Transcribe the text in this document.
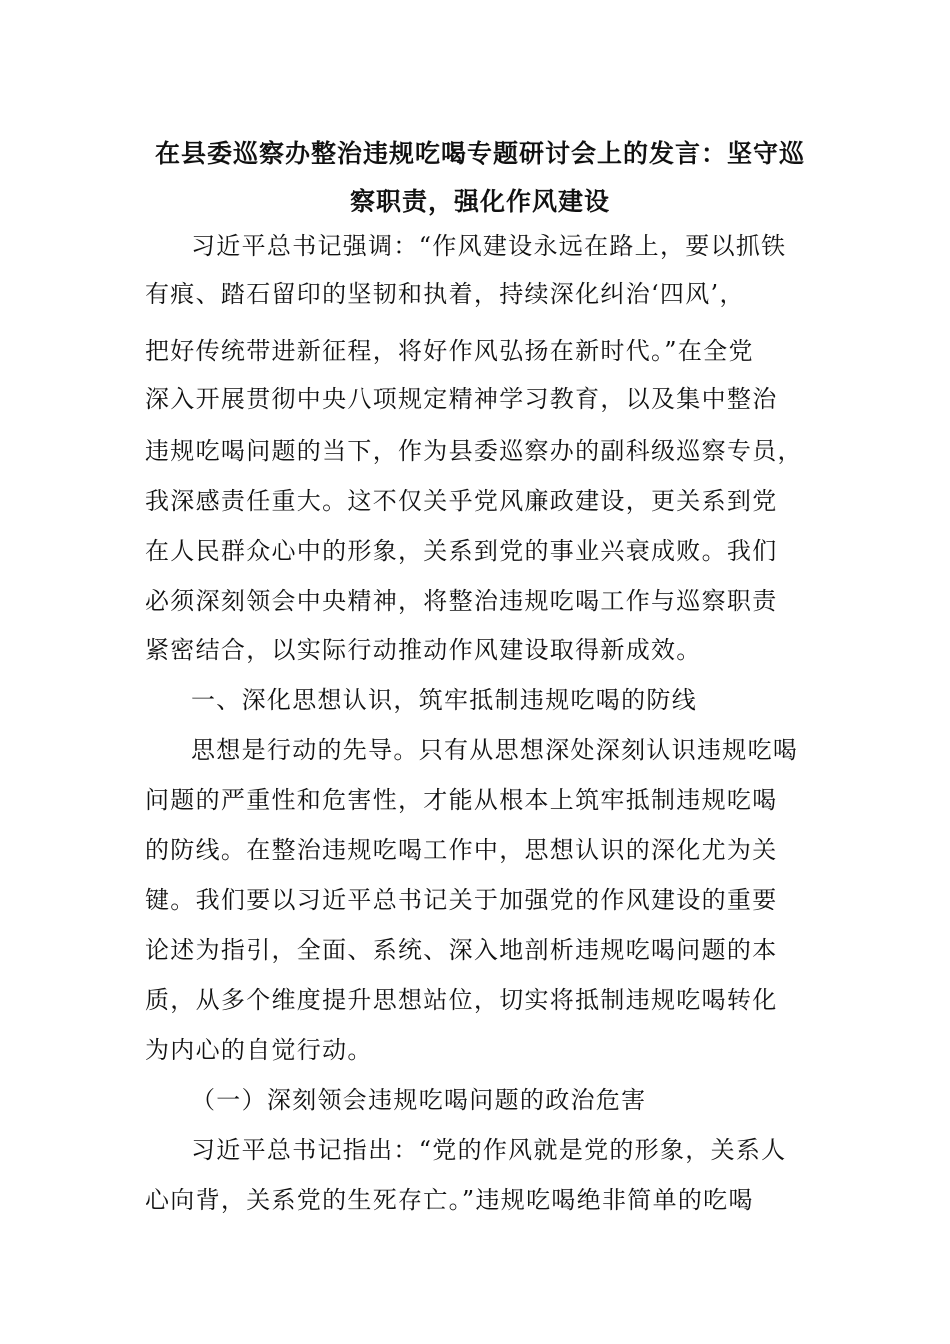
在县委巡察办整治违规吃喝专题研讨会上的发言：坚守巡
察职责，强化作风建设
习近平总书记强调：“作风建设永远在路上，要以抓铁
有痕、踏石留印的坚韧和执着，持续深化纠治‘四风’，
把好传统带进新征程，将好作风弘扬在新时代。”在全党
深入开展贯彻中央八项规定精神学习教育，以及集中整治
违规吃喝问题的当下，作为县委巡察办的副科级巡察专员，
我深感责任重大。这不仅关乎党风廉政建设，更关系到党
在人民群众心中的形象，关系到党的事业兴衰成败。我们
必须深刻领会中央精神，将整治违规吃喝工作与巡察职责
紧密结合，以实际行动推动作风建设取得新成效。
一、深化思想认识，筑牢抵制违规吃喝的防线
思想是行动的先导。只有从思想深处深刻认识违规吃喝
问题的严重性和危害性，才能从根本上筑牢抵制违规吃喝
的防线。在整治违规吃喝工作中，思想认识的深化尤为关
键。我们要以习近平总书记关于加强党的作风建设的重要
论述为指引，全面、系统、深入地剖析违规吃喝问题的本
质，从多个维度提升思想站位，切实将抵制违规吃喝转化
为内心的自觉行动。
（一）深刻领会违规吃喝问题的政治危害
习近平总书记指出：“党的作风就是党的形象，关系人
心向背，关系党的生死存亡。”违规吃喝绝非简单的吃喝
